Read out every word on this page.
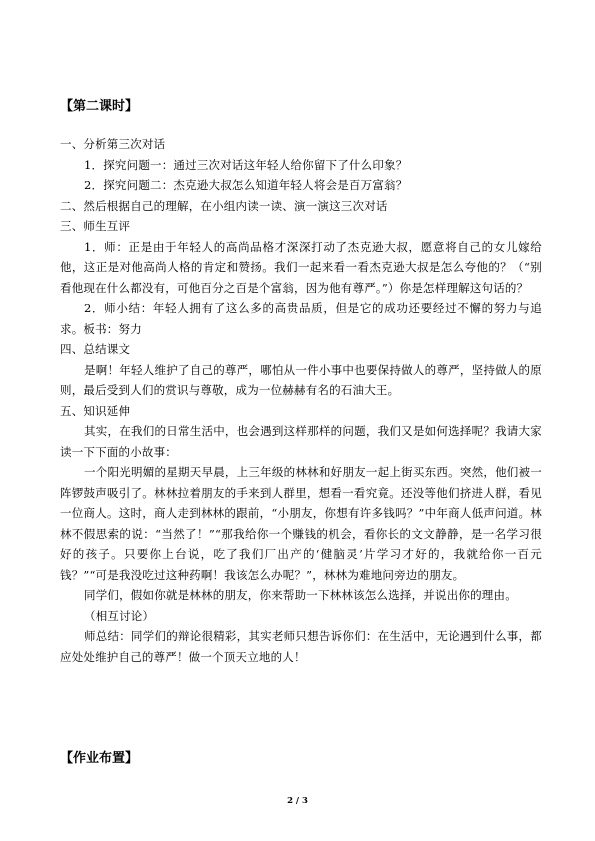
【第二课时】

一、分析第三次对话

1．探究问题一：通过三次对话这年轻人给你留下了什么印象？

2．探究问题二：杰克逊大叔怎么知道年轻人将会是百万富翁？

二、然后根据自己的理解，在小组内读一读、演一演这三次对话

三、师生互评

1．师：正是由于年轻人的高尚品格才深深打动了杰克逊大叔，愿意将自己的女儿嫁给他，这正是对他高尚人格的肯定和赞扬。我们一起来看一看杰克逊大叔是怎么夸他的？（“别看他现在什么都没有，可他百分之百是个富翁，因为他有尊严。”）你是怎样理解这句话的？

2．师小结：年轻人拥有了这么多的高贵品质，但是它的成功还要经过不懈的努力与追求。板书：努力

四、总结课文

是啊！年轻人维护了自己的尊严，哪怕从一件小事中也要保持做人的尊严，坚持做人的原则，最后受到人们的赏识与尊敬，成为一位赫赫有名的石油大王。

五、知识延伸

其实，在我们的日常生活中，也会遇到这样那样的问题，我们又是如何选择呢？我请大家读一下下面的小故事：

一个阳光明媚的星期天早晨，上三年级的林林和好朋友一起上街买东西。突然，他们被一阵锣鼓声吸引了。林林拉着朋友的手来到人群里，想看一看究竟。还没等他们挤进人群，看见一位商人。这时，商人走到林林的跟前，“小朋友，你想有许多钱吗？”中年商人低声问道。林林不假思索的说：“当然了！”“那我给你一个赚钱的机会，看你长的文文静静，是一名学习很好的孩子。只要你上台说，吃了我们厂出产的‘健脑灵’片学习才好的，我就给你一百元钱？”“可是我没吃过这种药啊！我该怎么办呢？”，林林为难地问旁边的朋友。

同学们，假如你就是林林的朋友，你来帮助一下林林该怎么选择，并说出你的理由。

（相互讨论）

师总结：同学们的辩论很精彩，其实老师只想告诉你们：在生活中，无论遇到什么事，都应处处维护自己的尊严！做一个顶天立地的人！

【作业布置】
2 / 3
